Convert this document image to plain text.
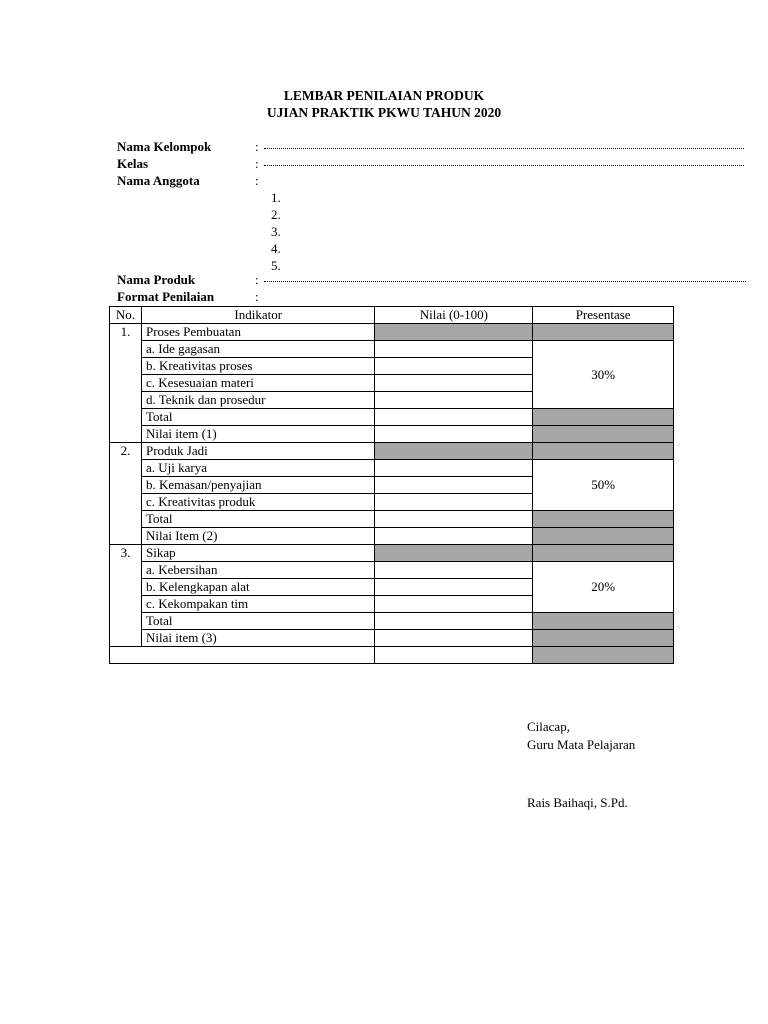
LEMBAR PENILAIAN PRODUK
UJIAN PRAKTIK PKWU TAHUN 2020
Nama Kelompok	:
Kelas	:
Nama Anggota	:
1.
2.
3.
4.
5.
Nama Produk	:
Format Penilaian	:
No.	Indikator	Nilai (0-100)	Presentase
1.	Proses Pembuatan		
	a. Ide gagasan		30%
	b. Kreativitas proses		
	c. Kesesuaian materi		
	d. Teknik dan prosedur		
	Total		
	Nilai item (1)		
2.	Produk Jadi		
	a. Uji karya		50%
	b. Kemasan/penyajian		
	c. Kreativitas produk		
	Total		
	Nilai Item (2)		
3.	Sikap		
	a. Kebersihan		20%
	b. Kelengkapan alat		
	c. Kekompakan tim		
	Total		
	Nilai item (3)		

Cilacap,
Guru Mata Pelajaran
Rais Baihaqi, S.Pd.
